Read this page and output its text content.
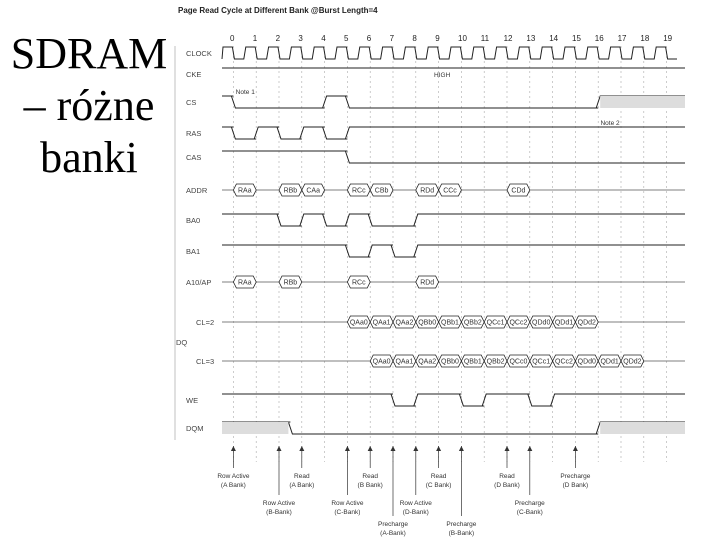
SDRAM
– różne
banki
Page Read Cycle at Different Bank @Burst Length=4
0 1 2 3 4 5 6 7 8 9 10 11 12 13 14 15 16 17 18 19
DQ
CLOCK
CKE	HIGH
CS
RAS
CAS
ADDR	RAa	RBb CAa	RCc CBb	RDd CCc	CDd
BA0
BA1
A10/AP	RAa	RBb	RCc	RDd
CL=2	QAa0 QAa1 QAa2 QBb0 QBb1 QBb2 QCc1 QCc2 QDd0 QDd1 QDd2
CL=3	QAa0 QAa1 QAa2 QBb0 QBb1 QBb2 QCc0 QCc1 QCc2 QDd0 QDd1 QDd2
WE
DQM
Note 1
Note 2
Row Active
(A Bank)
Read
(A Bank)
Read
(B Bank)
Read
(C Bank)
Read
(D Bank)
Precharge
(D Bank)
Row Active
(B-Bank)
Row Active
(C-Bank)
Row Active
(D-Bank)
Precharge
(C-Bank)
Precharge
(A-Bank)
Precharge
(B-Bank)
